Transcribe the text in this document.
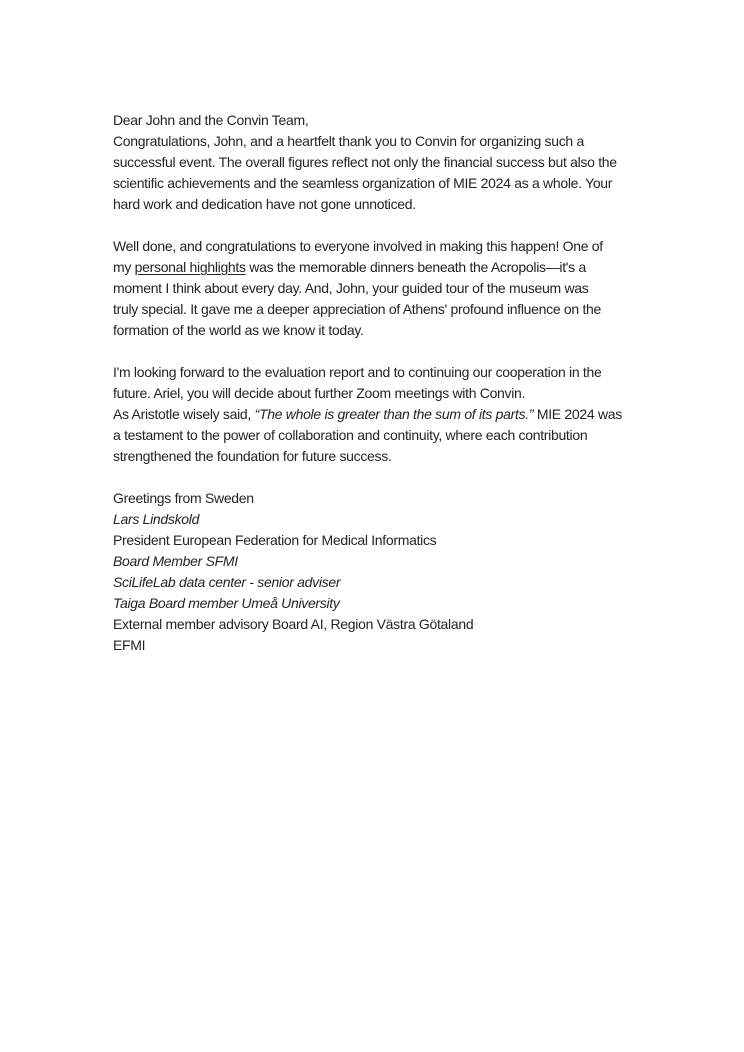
Dear John and the Convin Team,
Congratulations, John, and a heartfelt thank you to Convin for organizing such a
successful event. The overall figures reflect not only the financial success but also the
scientific achievements and the seamless organization of MIE 2024 as a whole. Your
hard work and dedication have not gone unnoticed.
Well done, and congratulations to everyone involved in making this happen! One of
my personal highlights was the memorable dinners beneath the Acropolis—it's a
moment I think about every day. And, John, your guided tour of the museum was
truly special. It gave me a deeper appreciation of Athens' profound influence on the
formation of the world as we know it today.
I'm looking forward to the evaluation report and to continuing our cooperation in the
future. Ariel, you will decide about further Zoom meetings with Convin.
As Aristotle wisely said, “The whole is greater than the sum of its parts.” MIE 2024 was
a testament to the power of collaboration and continuity, where each contribution
strengthened the foundation for future success.
Greetings from Sweden
Lars Lindskold
President European Federation for Medical Informatics
Board Member SFMI
SciLifeLab data center - senior adviser
Taiga Board member Umeå University
External member advisory Board AI, Region Västra Götaland
EFMI
